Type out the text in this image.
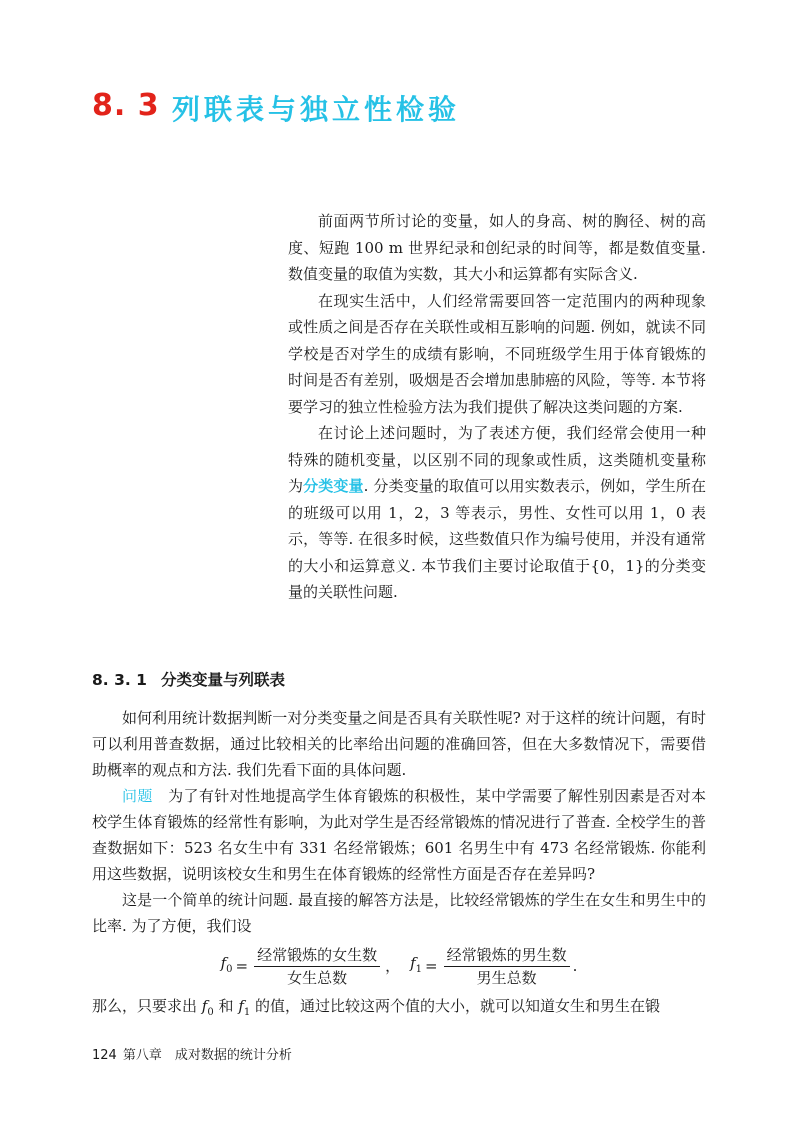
8. 3 列联表与独立性检验

前面两节所讨论的变量，如人的身高、树的胸径、树的高度、短跑 100 m 世界纪录和创纪录的时间等，都是数值变量. 数值变量的取值为实数，其大小和运算都有实际含义.

在现实生活中，人们经常需要回答一定范围内的两种现象或性质之间是否存在关联性或相互影响的问题. 例如，就读不同学校是否对学生的成绩有影响，不同班级学生用于体育锻炼的时间是否有差别，吸烟是否会增加患肺癌的风险，等等. 本节将要学习的独立性检验方法为我们提供了解决这类问题的方案.

在讨论上述问题时，为了表述方便，我们经常会使用一种特殊的随机变量，以区别不同的现象或性质，这类随机变量称为分类变量. 分类变量的取值可以用实数表示，例如，学生所在的班级可以用 1，2，3 等表示，男性、女性可以用 1，0 表示，等等. 在很多时候，这些数值只作为编号使用，并没有通常的大小和运算意义. 本节我们主要讨论取值于{0，1}的分类变量的关联性问题.

8. 3. 1 分类变量与列联表

如何利用统计数据判断一对分类变量之间是否具有关联性呢? 对于这样的统计问题，有时可以利用普查数据，通过比较相关的比率给出问题的准确回答，但在大多数情况下，需要借助概率的观点和方法. 我们先看下面的具体问题.

问题　 为了有针对性地提高学生体育锻炼的积极性，某中学需要了解性别因素是否对本校学生体育锻炼的经常性有影响，为此对学生是否经常锻炼的情况进行了普查. 全校学生的普查数据如下：523 名女生中有 331 名经常锻炼；601 名男生中有 473 名经常锻炼. 你能利用这些数据，说明该校女生和男生在体育锻炼的经常性方面是否存在差异吗?

这是一个简单的统计问题. 最直接的解答方法是，比较经常锻炼的学生在女生和男生中的比率. 为了方便，我们设

$f_0 = \frac{\text{经常锻炼的女生数}}{\text{女生总数}}$ ， $f_1 = \frac{\text{经常锻炼的男生数}}{\text{男生总数}}$ .

那么，只要求出 $f_0$ 和 $f_1$ 的值，通过比较这两个值的大小，就可以知道女生和男生在锻

124 第八章　成对数据的统计分析
